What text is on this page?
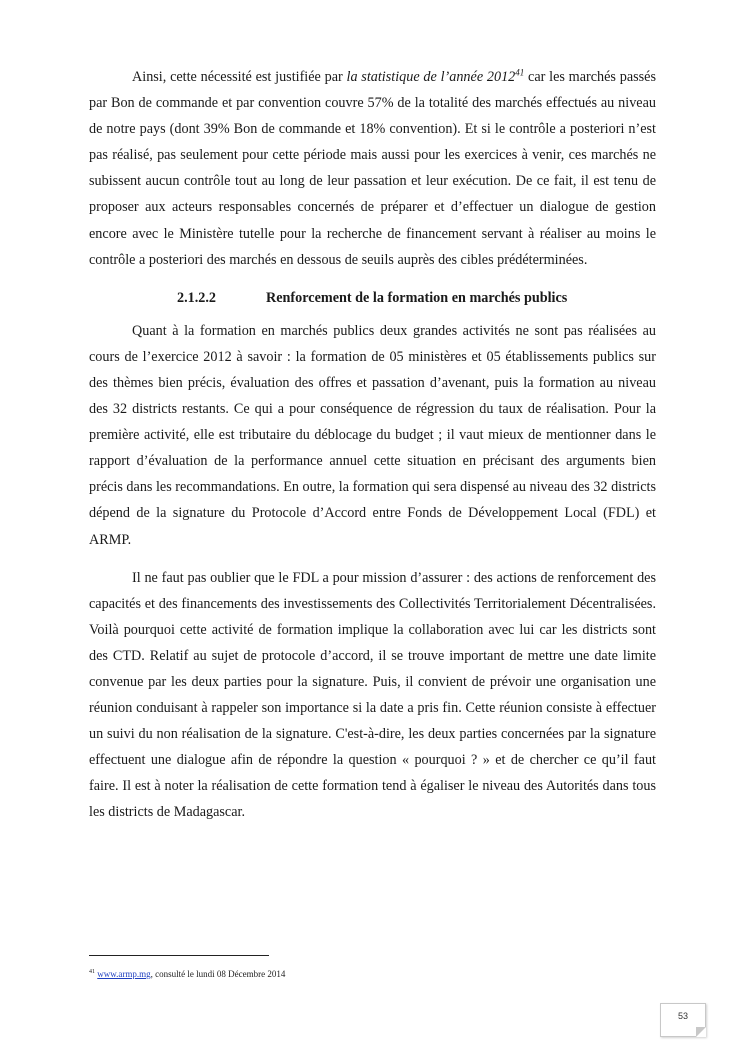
Ainsi, cette nécessité est justifiée par la statistique de l’année 2012$^{41}$ car les marchés passés par Bon de commande et par convention couvre 57% de la totalité des marchés effectués au niveau de notre pays (dont 39% Bon de commande et 18% convention). Et si le contrôle a posteriori n’est pas réalisé, pas seulement pour cette période mais aussi pour les exercices à venir, ces marchés ne subissent aucun contrôle tout au long de leur passation et leur exécution. De ce fait, il est tenu de proposer aux acteurs responsables concernés de préparer et d’effectuer un dialogue de gestion encore avec le Ministère tutelle pour la recherche de financement servant à réaliser au moins le contrôle a posteriori des marchés en dessous de seuils auprès des cibles prédéterminées.

2.1.2.2	Renforcement de la formation en marchés publics

Quant à la formation en marchés publics deux grandes activités ne sont pas réalisées au cours de l’exercice 2012 à savoir : la formation de 05 ministères et 05 établissements publics sur des thèmes bien précis, évaluation des offres et passation d’avenant, puis la formation au niveau des 32 districts restants. Ce qui a pour conséquence de régression du taux de réalisation. Pour la première activité, elle est tributaire du déblocage du budget ; il vaut mieux de mentionner dans le rapport d’évaluation de la performance annuel cette situation en précisant des arguments bien précis dans les recommandations. En outre, la formation qui sera dispensé au niveau des 32 districts dépend de la signature du Protocole d’Accord entre Fonds de Développement Local (FDL) et ARMP.

Il ne faut pas oublier que le FDL a pour mission d’assurer : des actions de renforcement des capacités et des financements des investissements des Collectivités Territorialement Décentralisées. Voilà pourquoi cette activité de formation implique la collaboration avec lui car les districts sont des CTD. Relatif au sujet de protocole d’accord, il se trouve important de mettre une date limite convenue par les deux parties pour la signature. Puis, il convient de prévoir une organisation une réunion conduisant à rappeler son importance si la date a pris fin. Cette réunion consiste à effectuer un suivi du non réalisation de la signature. C'est-à-dire, les deux parties concernées par la signature effectuent une dialogue afin de répondre la question « pourquoi ? » et de chercher ce qu’il faut faire. Il est à noter la réalisation de cette formation tend à égaliser le niveau des Autorités dans tous les districts de Madagascar.

$^{41}$ www.armp.mg, consulté le lundi 08 Décembre 2014
53
